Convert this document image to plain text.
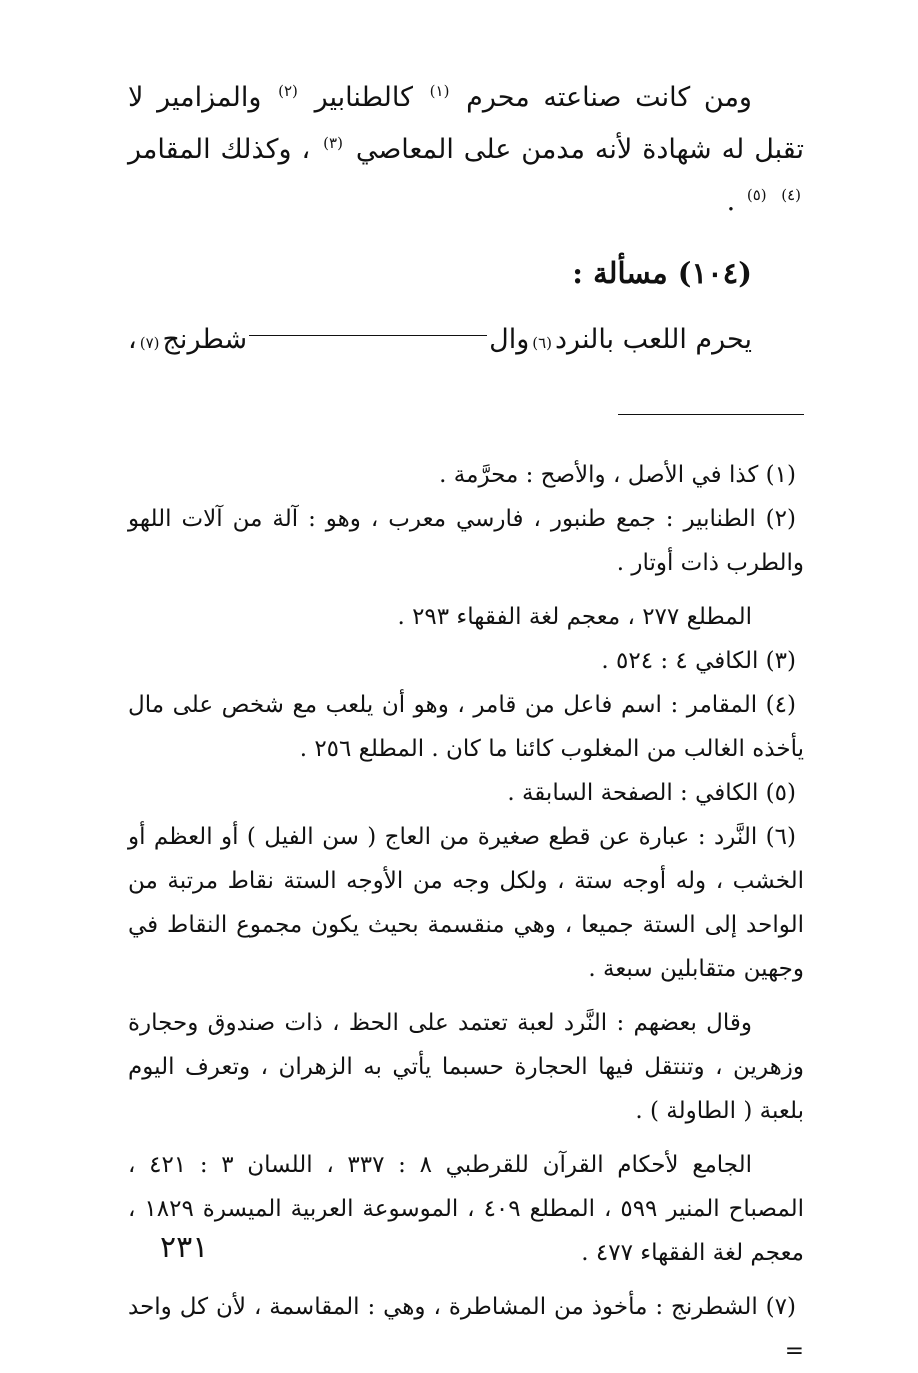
ومن كانت صناعته محرم $^{(١)}$ كالطنابير $^{(٢)}$ والمزامير لا تقبل له شهادة لأنه مدمن على المعاصي $^{(٣)}$ ، وكذلك المقامر $^{(٤)}$ $^{(٥)}$ .

(١٠٤) مسألة :
يحرم اللعب بالنرد
(٦)
وال
شطرنج
(٧)
،

(١) كذا في الأصل ، والأصح : محرَّمة .

(٢) الطنابير : جمع طنبور ، فارسي معرب ، وهو : آلة من آلات اللهو والطرب ذات أوتار .

المطلع ٢٧٧ ، معجم لغة الفقهاء ٢٩٣ .

(٣) الكافي ٤ : ٥٢٤ .

(٤) المقامر : اسم فاعل من قامر ، وهو أن يلعب مع شخص على مال يأخذه الغالب من المغلوب كائنا ما كان . المطلع ٢٥٦ .

(٥) الكافي : الصفحة السابقة .

(٦) النَّرد : عبارة عن قطع صغيرة من العاج ( سن الفيل ) أو العظم أو الخشب ، وله أوجه ستة ، ولكل وجه من الأوجه الستة نقاط مرتبة من الواحد إلى الستة جميعا ، وهي منقسمة بحيث يكون مجموع النقاط في وجهين متقابلين سبعة .

وقال بعضهم : النَّرد لعبة تعتمد على الحظ ، ذات صندوق وحجارة وزهرين ، وتنتقل فيها الحجارة حسبما يأتي به الزهران ، وتعرف اليوم بلعبة ( الطاولة ) .

الجامع لأحكام القرآن للقرطبي ٨ : ٣٣٧ ، اللسان ٣ : ٤٢١ ، المصباح المنير ٥٩٩ ، المطلع ٤٠٩ ، الموسوعة العربية الميسرة ١٨٢٩ ، معجم لغة الفقهاء ٤٧٧ .

(٧) الشطرنج : مأخوذ من المشاطرة ، وهي : المقاسمة ، لأن كل واحد =

٢٣١
